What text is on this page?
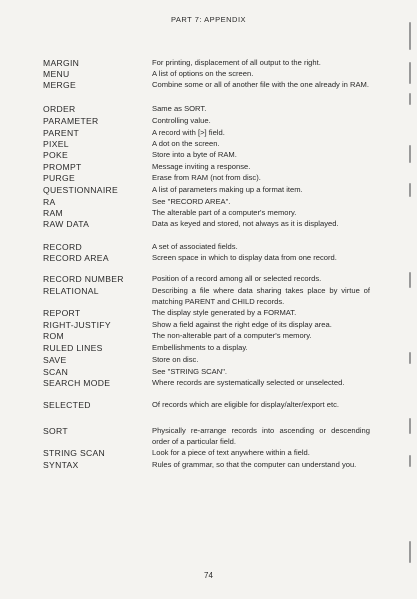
PART 7: APPENDIX
MARGIN	For printing, displacement of all output to the right.
MENU	A list of options on the screen.
MERGE	Combine some or all of another file with the one already in RAM.
ORDER	Same as SORT.
PARAMETER	Controlling value.
PARENT	A record with [>] field.
PIXEL	A dot on the screen.
POKE	Store into a byte of RAM.
PROMPT	Message inviting a response.
PURGE	Erase from RAM (not from disc).
QUESTIONNAIRE	A list of parameters making up a format item.
RA	See "RECORD AREA".
RAM	The alterable part of a computer's memory.
RAW DATA	Data as keyed and stored, not always as it is displayed.
RECORD	A set of associated fields.
RECORD AREA	Screen space in which to display data from one record.
RECORD NUMBER	Position of a record among all or selected records.
RELATIONAL	Describing a file where data sharing takes place by virtue of matching PARENT and CHILD records.
REPORT	The display style generated by a FORMAT.
RIGHT-JUSTIFY	Show a field against the right edge of its display area.
ROM	The non-alterable part of a computer's memory.
RULED LINES	Embellishments to a display.
SAVE	Store on disc.
SCAN	See "STRING SCAN".
SEARCH MODE	Where records are systematically selected or unselected.
SELECTED	Of records which are eligible for display/alter/export etc.
SORT	Physically re-arrange records into ascending or descending order of a particular field.
STRING SCAN	Look for a piece of text anywhere within a field.
SYNTAX	Rules of grammar, so that the computer can understand you.
74
